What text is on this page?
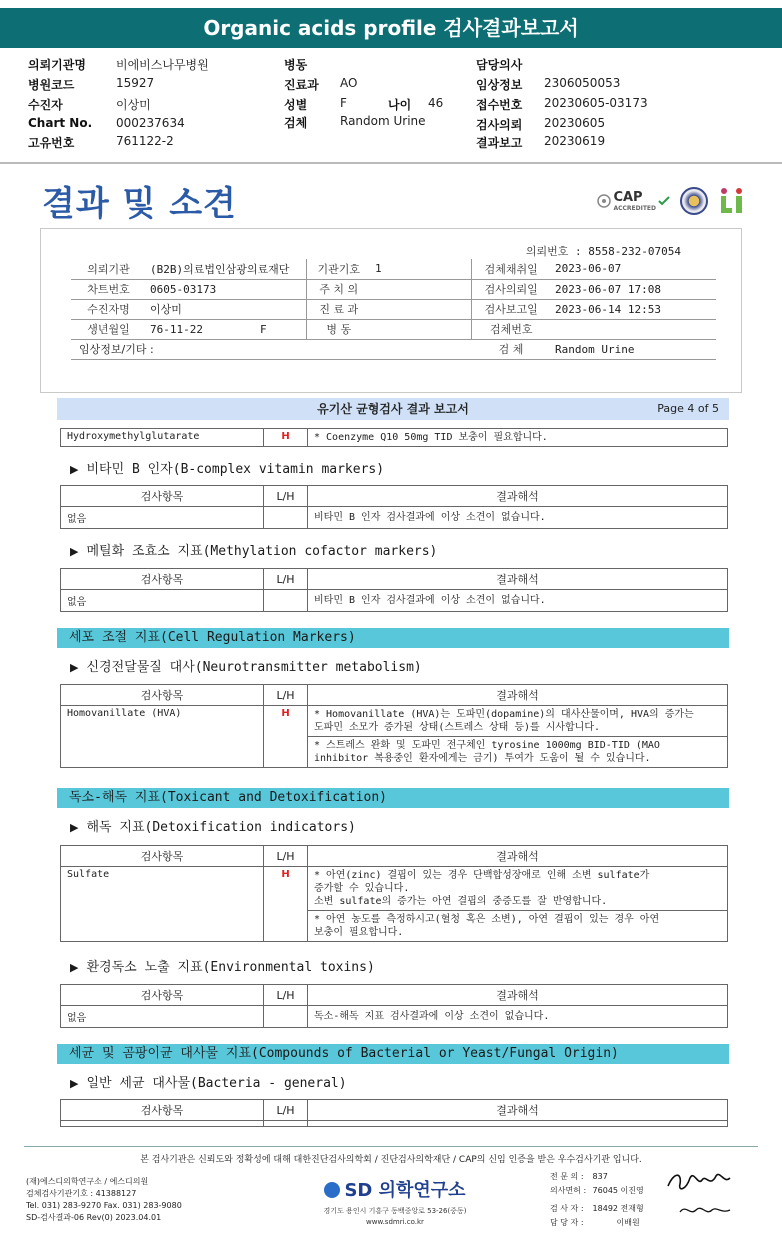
Organic acids profile 검사결과보고서
의뢰기관명	비에비스나무병원	병동	담당의사
병원코드	15927	진료과 AO	임상정보 2306050053
수진자	이상미	성별	F	나이 46	접수번호 20230605-03173
Chart No. 000237634	검체	Random Urine	검사의뢰 20230605
고유번호	761122-2	결과보고 20230619
결과 및 소견	CAP
ACCREDITED
의뢰번호 : 8558-232-07054
의뢰기관	(B2B)의료법인삼광의료재단		기관기호	1	검체채취일	2023-06-07
차트번호	0605-03173		주 치 의		검사의뢰일	2023-06-07 17:08
수진자명	이상미		진 료 과		검사보고일	2023-06-14 12:53
생년월일	76-11-22	F	병 동		검체번호	
임상정보/기타 :					검 체	Random Urine
유기산 균형검사 결과 보고서	Page 4 of 5
Hydroxymethylglutarate	H	* Coenzyme Q10 50mg TID 보충이 필요합니다.
▶ 비타민 B 인자(B-complex vitamin markers)
검사항목	L/H	결과해석
없음		비타민 B 인자 검사결과에 이상 소견이 없습니다.
▶ 메틸화 조효소 지표(Methylation cofactor markers)
검사항목	L/H	결과해석
없음		비타민 B 인자 검사결과에 이상 소견이 없습니다.
세포 조절 지표(Cell Regulation Markers)
▶ 신경전달물질 대사(Neurotransmitter metabolism)
검사항목	L/H	결과해석
Homovanillate (HVA)	H	* Homovanillate (HVA)는 도파민(dopamine)의 대사산물이며, HVA의 증가는
도파민 소모가 증가된 상태(스트레스 상태 등)를 시사합니다.

		* 스트레스 완화 및 도파민 전구체인 tyrosine 1000mg BID-TID (MAO
inhibitor 복용중인 환자에게는 금기) 투여가 도움이 될 수 있습니다.
독소-해독 지표(Toxicant and Detoxification)
▶ 해독 지표(Detoxification indicators)
검사항목	L/H	결과해석
Sulfate	H	* 아연(zinc) 결핍이 있는 경우 단백합성장애로 인해 소변 sulfate가
증가할 수 있습니다.
소변 sulfate의 증가는 아연 결핍의 중증도를 잘 반영합니다.

		* 아연 농도를 측정하시고(혈청 혹은 소변), 아연 결핍이 있는 경우 아연
보충이 필요합니다.
▶ 환경독소 노출 지표(Environmental toxins)
검사항목	L/H	결과해석
없음		독소-해독 지표 검사결과에 이상 소견이 없습니다.
세균 및 곰팡이균 대사물 지표(Compounds of Bacterial or Yeast/Fungal Origin)
▶ 일반 세균 대사물(Bacteria - general)
검사항목	L/H	결과해석

본 검사기관은 신뢰도와 정확성에 대해 대한진단검사의학회 / 진단검사의학재단 / CAP의 신임 인증을 받은 우수검사기관 입니다.
(재)에스디의학연구소 / 에스디의원
검체검사기관기호 : 41388127
Tel. 031) 283-9270 Fax. 031) 283-9080
SD-검사결과-06 Rev(0) 2023.04.01
SD 의학연구소
경기도 용인시 기흥구 동백중앙로 53-26(중동)
www.sdmri.co.kr
전 문 의 : 837
의사면허 : 76045 이진영
검 사 자 : 18492 전재형
담 당 자 :	이배원
